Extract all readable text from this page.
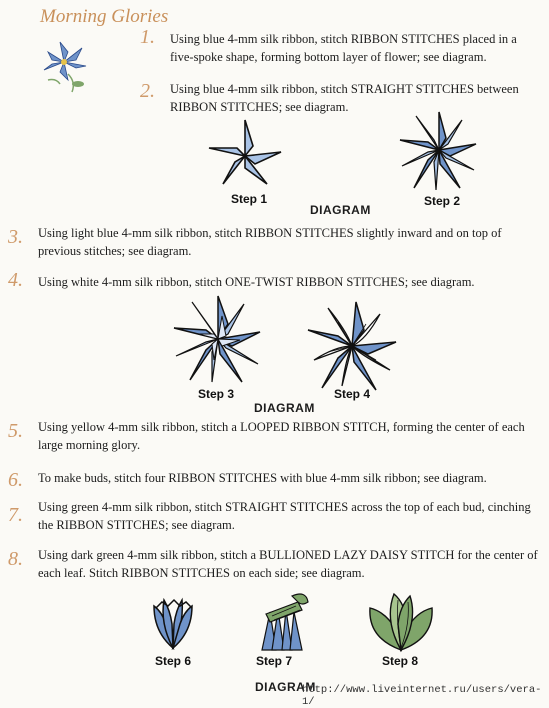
Morning Glories
1.	Using blue 4-mm silk ribbon, stitch RIBBON STITCHES placed in a five-spoke shape, forming bottom layer of flower; see diagram.
2.	Using blue 4-mm silk ribbon, stitch STRAIGHT STITCHES between RIBBON STITCHES; see diagram.
Step 1	Step 2
DIAGRAM
3.	Using light blue 4-mm silk ribbon, stitch RIBBON STITCHES slightly inward and on top of previous stitches; see diagram.
4.	Using white 4-mm silk ribbon, stitch ONE-TWIST RIBBON STITCHES; see diagram.
Step 3	Step 4
DIAGRAM
5.	Using yellow 4-mm silk ribbon, stitch a LOOPED RIBBON STITCH, forming the center of each large morning glory.
6.	To make buds, stitch four RIBBON STITCHES with blue 4-mm silk ribbon; see diagram.
7.	Using green 4-mm silk ribbon, stitch STRAIGHT STITCHES across the top of each bud, cinching the RIBBON STITCHES; see diagram.
8.	Using dark green 4-mm silk ribbon, stitch a BULLIONED LAZY DAISY STITCH for the center of each leaf. Stitch RIBBON STITCHES on each side; see diagram.
Step 6	Step 7	Step 8
DIAGRAM
http://www.liveinternet.ru/users/vera-1/
